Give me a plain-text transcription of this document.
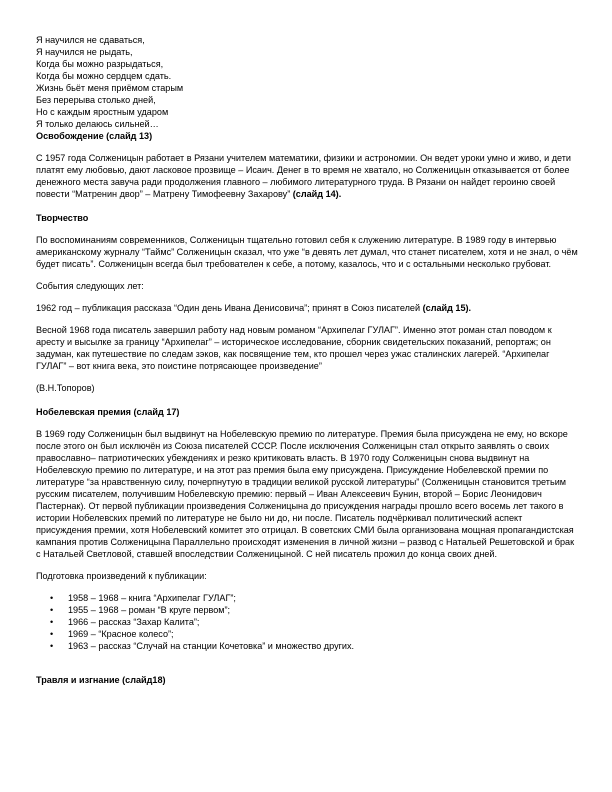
Я научился не сдаваться,
Я научился не рыдать,
Когда бы можно разрыдаться,
Когда бы можно сердцем сдать.
Жизнь бьёт меня приёмом старым
Без перерыва столько дней,
Но с каждым яростным ударом
Я только делаюсь сильней…
Освобождение (слайд 13)

С 1957 года Солженицын работает в Рязани учителем математики, физики и астрономии. Он ведет уроки умно и живо, и дети платят ему любовью, дают ласковое прозвище – Исаич. Денег в то время не хватало, но Солженицын отказывается от более денежного места завуча ради продолжения главного – любимого литературного труда. В Рязани он найдет героиню своей повести “Матренин двор” – Матрену Тимофеевну Захарову” (слайд 14).

Творчество

По воспоминаниям современников, Солженицын тщательно готовил себя к служению литературе. В 1989 году в интервью американскому журналу “Таймс” Солженицын сказал, что уже “в девять лет думал, что станет писателем, хотя и не знал, о чём будет писать”. Солженицын всегда был требователен к себе, а потому, казалось, что и с остальными несколько грубоват.

События следующих лет:

1962 год – публикация рассказа “Один день Ивана Денисовича”; принят в Союз писателей (слайд 15).

Весной 1968 года писатель завершил работу над новым романом “Архипелаг ГУЛАГ”. Именно этот роман стал поводом к аресту и высылке за границу “Архипелаг” – историческое исследование, сборник свидетельских показаний, репортаж; он задуман, как путешествие по следам зэков, как посвящение тем, кто прошел через ужас сталинских лагерей. “Архипелаг ГУЛАГ” – вот книга века, это поистине потрясающее произведение”

(В.Н.Топоров)

Нобелевская премия (слайд 17)

В 1969 году Солженицын был выдвинут на Нобелевскую премию по литературе. Премия была присуждена не ему, но вскоре после этого он был исключён из Союза писателей СССР. После исключения Солженицын стал открыто заявлять о своих православно– патриотических убеждениях и резко критиковать власть. В 1970 году Солженицын снова выдвинут на Нобелевскую премию по литературе, и на этот раз премия была ему присуждена. Присуждение Нобелевской премии по литературе “за нравственную силу, почерпнутую в традиции великой русской литературы” (Солженицын становится третьим русским писателем, получившим Нобелевскую премию: первый – Иван Алексеевич Бунин, второй – Борис Леонидович Пастернак). От первой публикации произведения Солженицына до присуждения награды прошло всего восемь лет такого в истории Нобелевских премий по литературе не было ни до, ни после. Писатель подчёркивал политический аспект присуждения премии, хотя Нобелевский комитет это отрицал. В советских СМИ была организована мощная пропагандистская кампания против Солженицына Параллельно происходят изменения в личной жизни – развод с Натальей Решетовской и брак с Натальей Светловой, ставшей впоследствии Солженицыной. С ней писатель прожил до конца своих дней.

Подготовка произведений к публикации:

• 1958 – 1968 – книга “Архипелаг ГУЛАГ”;
• 1955 – 1968 – роман “В круге первом”;
• 1966 – рассказ “Захар Калита”;
• 1969 – “Красное колесо”;
• 1963 – рассказ “Случай на станции Кочетовка” и множество других.
Травля и изгнание (слайд18)
